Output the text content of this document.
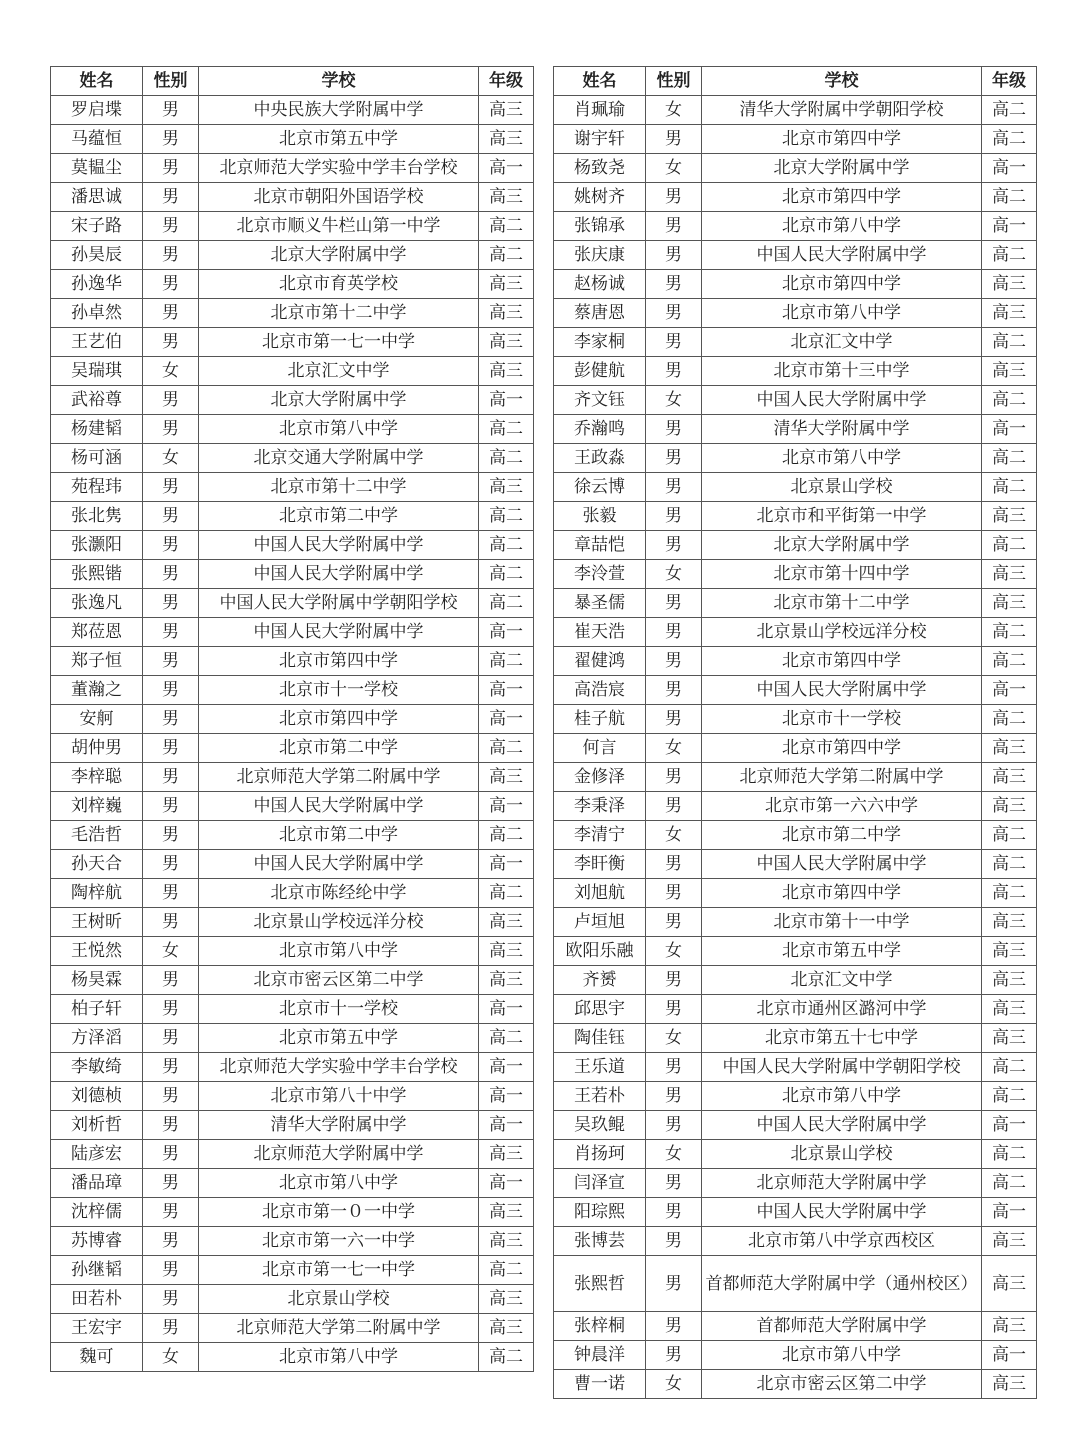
姓名	性别	学校	年级
罗启堞	男	中央民族大学附属中学	高三
马蕴恒	男	北京市第五中学	高三
莫韫尘	男	北京师范大学实验中学丰台学校	高一
潘思诚	男	北京市朝阳外国语学校	高三
宋子路	男	北京市顺义牛栏山第一中学	高二
孙昊辰	男	北京大学附属中学	高二
孙逸华	男	北京市育英学校	高三
孙卓然	男	北京市第十二中学	高三
王艺伯	男	北京市第一七一中学	高三
吴瑞琪	女	北京汇文中学	高三
武裕尊	男	北京大学附属中学	高一
杨建韬	男	北京市第八中学	高二
杨可涵	女	北京交通大学附属中学	高二
苑程玮	男	北京市第十二中学	高三
张北隽	男	北京市第二中学	高二
张灏阳	男	中国人民大学附属中学	高二
张熙锴	男	中国人民大学附属中学	高二
张逸凡	男	中国人民大学附属中学朝阳学校	高二
郑莅恩	男	中国人民大学附属中学	高一
郑子恒	男	北京市第四中学	高二
董瀚之	男	北京市十一学校	高一
安舸	男	北京市第四中学	高一
胡仲男	男	北京市第二中学	高二
李梓聪	男	北京师范大学第二附属中学	高三
刘梓巍	男	中国人民大学附属中学	高一
毛浩哲	男	北京市第二中学	高二
孙天合	男	中国人民大学附属中学	高一
陶梓航	男	北京市陈经纶中学	高二
王树昕	男	北京景山学校远洋分校	高三
王悦然	女	北京市第八中学	高三
杨昊霖	男	北京市密云区第二中学	高三
柏子轩	男	北京市十一学校	高一
方泽滔	男	北京市第五中学	高二
李敏绮	男	北京师范大学实验中学丰台学校	高一
刘德桢	男	北京市第八十中学	高一
刘析哲	男	清华大学附属中学	高一
陆彦宏	男	北京师范大学附属中学	高三
潘品璋	男	北京市第八中学	高一
沈梓儒	男	北京市第一０一中学	高三
苏博睿	男	北京市第一六一中学	高三
孙继韬	男	北京市第一七一中学	高二
田若朴	男	北京景山学校	高三
王宏宇	男	北京师范大学第二附属中学	高三
魏可	女	北京市第八中学	高二
姓名	性别	学校	年级
肖珮瑜	女	清华大学附属中学朝阳学校	高二
谢宇轩	男	北京市第四中学	高二
杨致尧	女	北京大学附属中学	高一
姚树齐	男	北京市第四中学	高二
张锦承	男	北京市第八中学	高一
张庆康	男	中国人民大学附属中学	高二
赵杨诚	男	北京市第四中学	高三
蔡唐恩	男	北京市第八中学	高三
李家桐	男	北京汇文中学	高二
彭健航	男	北京市第十三中学	高三
齐文钰	女	中国人民大学附属中学	高二
乔瀚鸣	男	清华大学附属中学	高一
王政淼	男	北京市第八中学	高二
徐云博	男	北京景山学校	高二
张毅	男	北京市和平街第一中学	高三
章喆恺	男	北京大学附属中学	高二
李泠萱	女	北京市第十四中学	高三
暴圣儒	男	北京市第十二中学	高三
崔天浩	男	北京景山学校远洋分校	高二
翟健鸿	男	北京市第四中学	高二
高浩宸	男	中国人民大学附属中学	高一
桂子航	男	北京市十一学校	高二
何言	女	北京市第四中学	高三
金修泽	男	北京师范大学第二附属中学	高三
李秉泽	男	北京市第一六六中学	高三
李清宁	女	北京市第二中学	高二
李盰衡	男	中国人民大学附属中学	高二
刘旭航	男	北京市第四中学	高二
卢垣旭	男	北京市第十一中学	高三
欧阳乐融	女	北京市第五中学	高三
齐赟	男	北京汇文中学	高三
邱思宇	男	北京市通州区潞河中学	高三
陶佳钰	女	北京市第五十七中学	高三
王乐道	男	中国人民大学附属中学朝阳学校	高二
王若朴	男	北京市第八中学	高二
吴玖鲲	男	中国人民大学附属中学	高一
肖扬珂	女	北京景山学校	高二
闫泽宣	男	北京师范大学附属中学	高二
阳琮熙	男	中国人民大学附属中学	高一
张博芸	男	北京市第八中学京西校区	高三
张熙哲	男	首都师范大学附属中学（通州校区）	高三
张梓桐	男	首都师范大学附属中学	高三
钟晨洋	男	北京市第八中学	高一
曹一诺	女	北京市密云区第二中学	高三
